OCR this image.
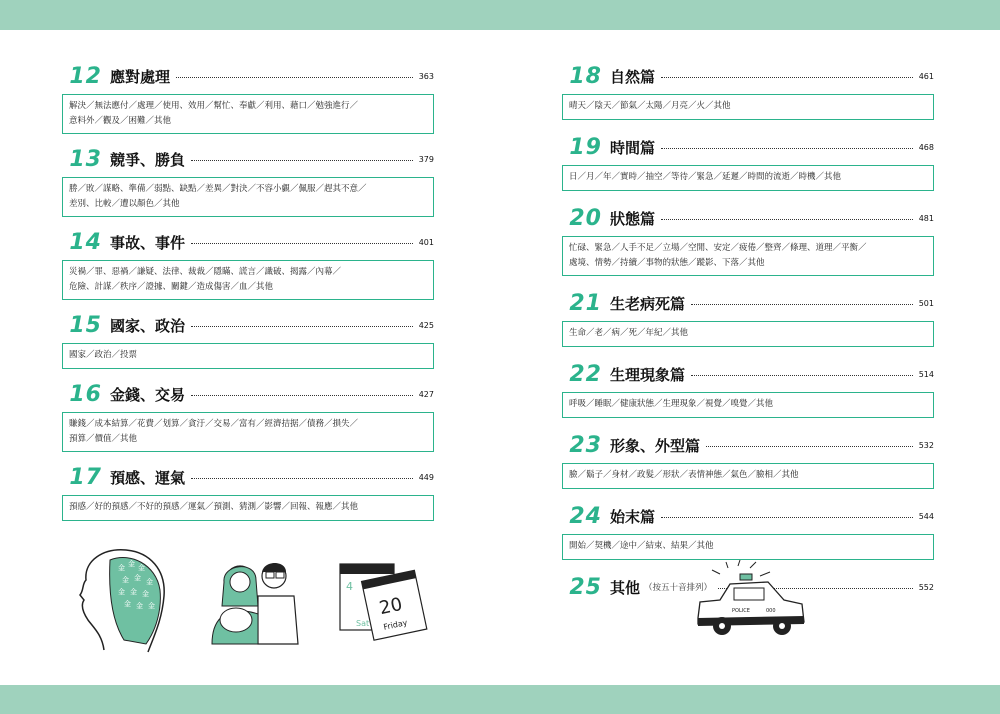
12 應對處理	363
解決／無法應付／處理／使用、效用／幫忙、奉獻／利用、藉口／勉強進行／
意料外／觀及／困難／其他
13 競爭、勝負	379
勝／敗／謀略、準備／弱點、缺點／差異／對決／不容小覷／佩服／趕其不意／
差別、比較／遭以顏色／其他
14 事故、事件	401
災禍／罪、惡禍／謙疑、法律、裁裁／隱瞞、謊言／識破、揭露／內幕／
危險、計謀／秩序／證據、關鍵／造成傷害／血／其他
15 國家、政治	425
國家／政治／投票
16 金錢、交易	427
賺錢／成本結算／花費／划算／貪汙／交易／富有／經濟拮据／債務／損失／
預算／價值／其他
17 預感、運氣	449
預感／好的預感／不好的預感／運氣／預測、猜測／影響／回報、報應／其他
18 自然篇	461
晴天／陰天／節氣／太陽／月亮／火／其他
19 時間篇	468
日／月／年／實時／抽空／等待／緊急／延遲／時間的流逝／時機／其他
20 狀態篇	481
忙碌、緊急／人手不足／立場／空閒、安定／疲倦／整齊／條理、道理／平衡／
處境、情勢／持續／事物的狀態／蹤影、下落／其他
21 生老病死篇	501
生命／老／病／死／年紀／其他
22 生理現象篇	514
呼吸／睡眠／健康狀態／生理現象／視覺／嗅覺／其他
23 形象、外型篇	532
臉／鬍子／身材／政髮／形狀／表情神態／氣色／臉相／其他
24 始末篇	544
開始／契機／途中／結束、結果／其他
25 其他 （按五十音排列）	552
金 金 金
金 金 金
金 金 金
金 金 金
4
Sat
20
Friday
POLICE	000
